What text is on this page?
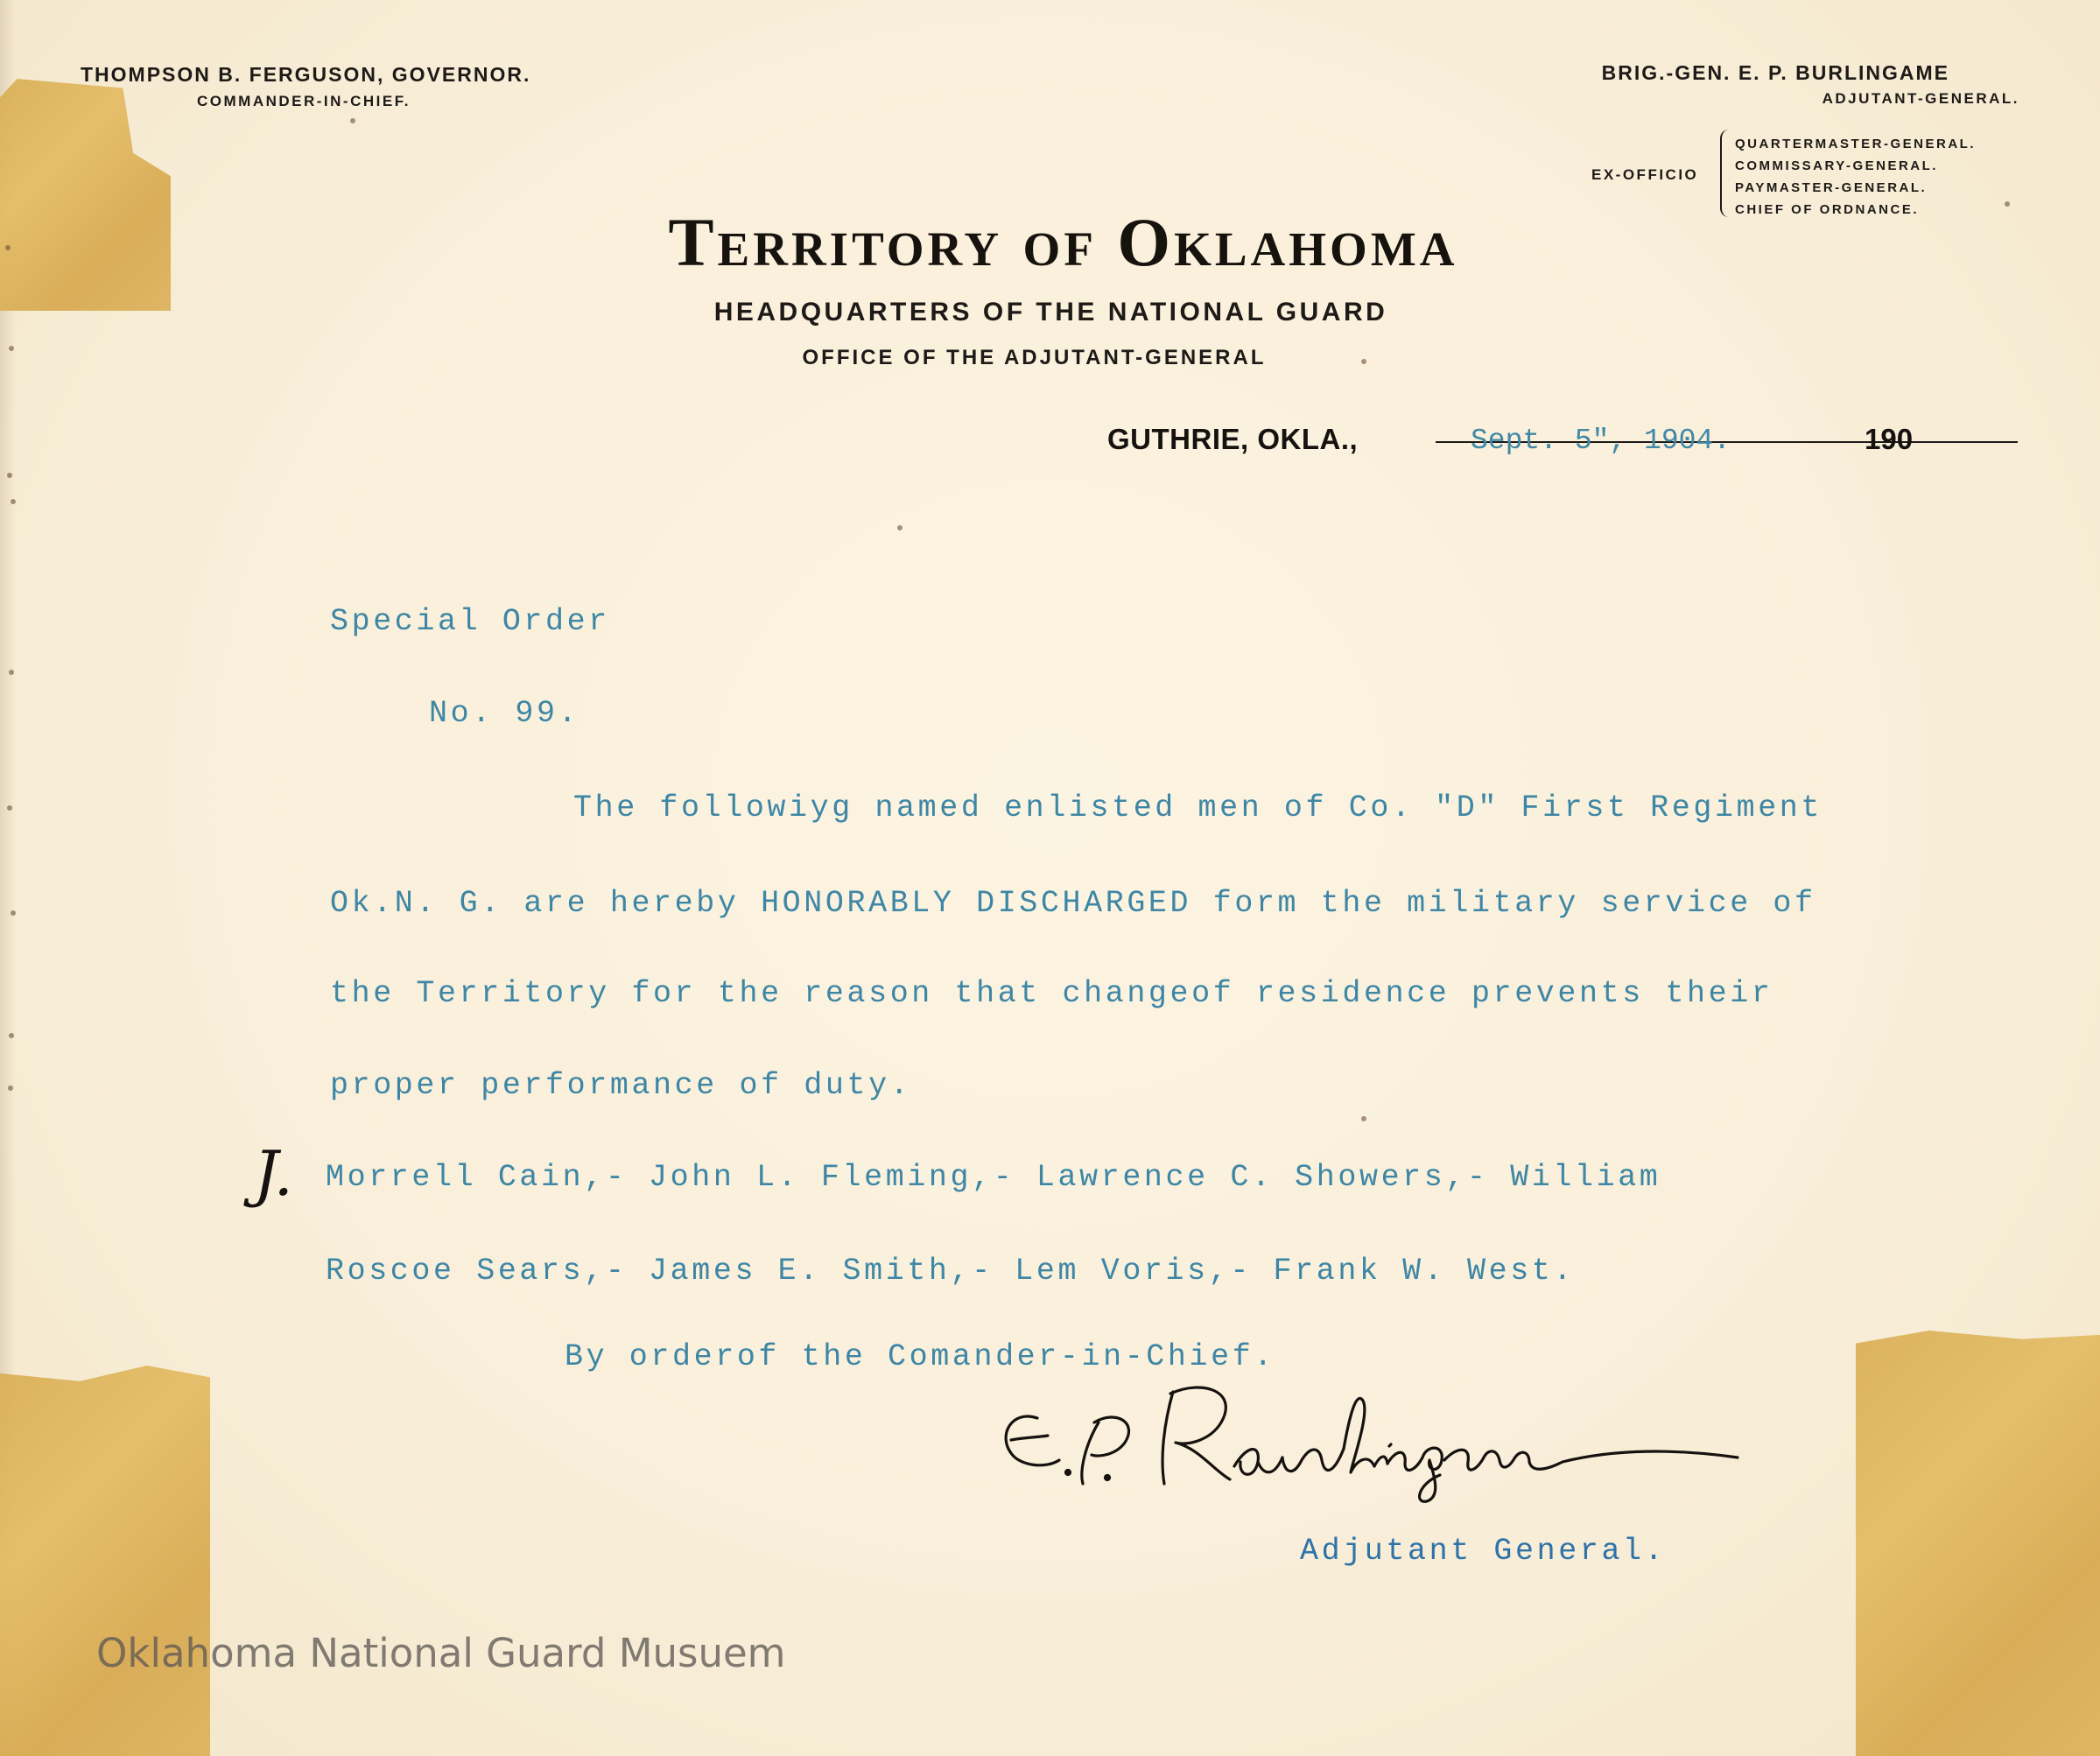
THOMPSON B. FERGUSON, GOVERNOR.

COMMANDER-IN-CHIEF.

BRIG.-GEN. E. P. BURLINGAME

ADJUTANT-GENERAL.

EX-OFFICIO

QUARTERMASTER-GENERAL.
COMMISSARY-GENERAL.
PAYMASTER-GENERAL.
CHIEF OF ORDNANCE.
Territory of Oklahoma

HEADQUARTERS OF THE NATIONAL GUARD

OFFICE OF THE ADJUTANT-GENERAL

GUTHRIE, OKLA.,	Sept. 5", 1904.	190

Special Order

No. 99.

The followiyg named enlisted men of Co. "D" First Regiment

Ok.N. G. are hereby HONORABLY DISCHARGED form the military service of

the Territory for the reason that changeof residence prevents their

proper performance of duty.

J. Morrell Cain,- John L. Fleming,- Lawrence C. Showers,- William

Roscoe Sears,- James E. Smith,- Lem Voris,- Frank W. West.

By orderof the Comander-in-Chief.

Adjutant General.

Oklahoma National Guard Musuem
